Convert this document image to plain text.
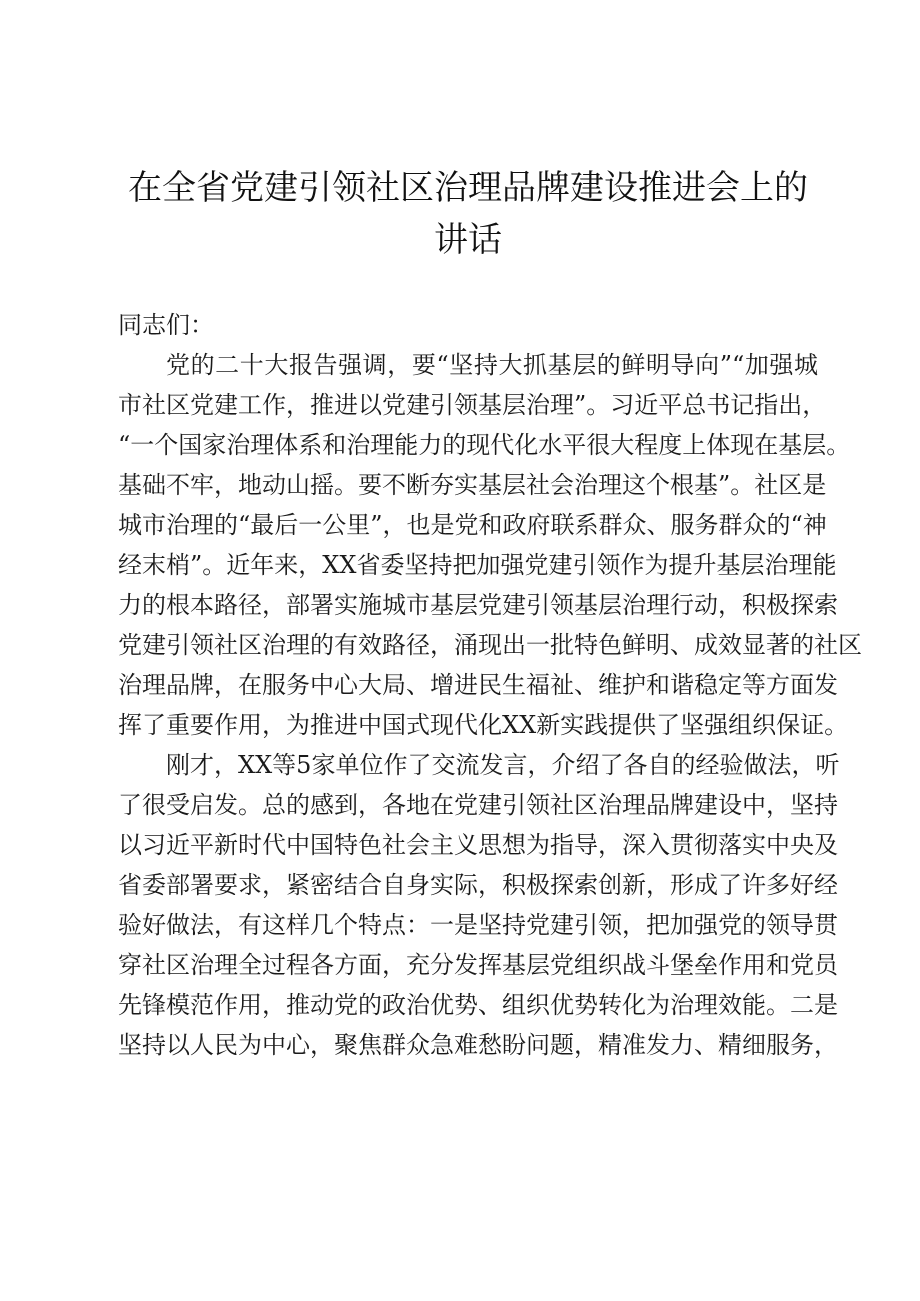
在全省党建引领社区治理品牌建设推进会上的
讲话
同志们：
党的二十大报告强调，要“坚持大抓基层的鲜明导向”“加强城
市社区党建工作，推进以党建引领基层治理”。习近平总书记指出，
“一个国家治理体系和治理能力的现代化水平很大程度上体现在基层。
基础不牢，地动山摇。要不断夯实基层社会治理这个根基”。社区是
城市治理的“最后一公里”，也是党和政府联系群众、服务群众的“神
经末梢”。近年来，XX省委坚持把加强党建引领作为提升基层治理能
力的根本路径，部署实施城市基层党建引领基层治理行动，积极探索
党建引领社区治理的有效路径，涌现出一批特色鲜明、成效显著的社区
治理品牌，在服务中心大局、增进民生福祉、维护和谐稳定等方面发
挥了重要作用，为推进中国式现代化XX新实践提供了坚强组织保证。
刚才，XX等5家单位作了交流发言，介绍了各自的经验做法，听
了很受启发。总的感到，各地在党建引领社区治理品牌建设中，坚持
以习近平新时代中国特色社会主义思想为指导，深入贯彻落实中央及
省委部署要求，紧密结合自身实际，积极探索创新，形成了许多好经
验好做法，有这样几个特点：一是坚持党建引领，把加强党的领导贯
穿社区治理全过程各方面，充分发挥基层党组织战斗堡垒作用和党员
先锋模范作用，推动党的政治优势、组织优势转化为治理效能。二是
坚持以人民为中心，聚焦群众急难愁盼问题，精准发力、精细服务，
